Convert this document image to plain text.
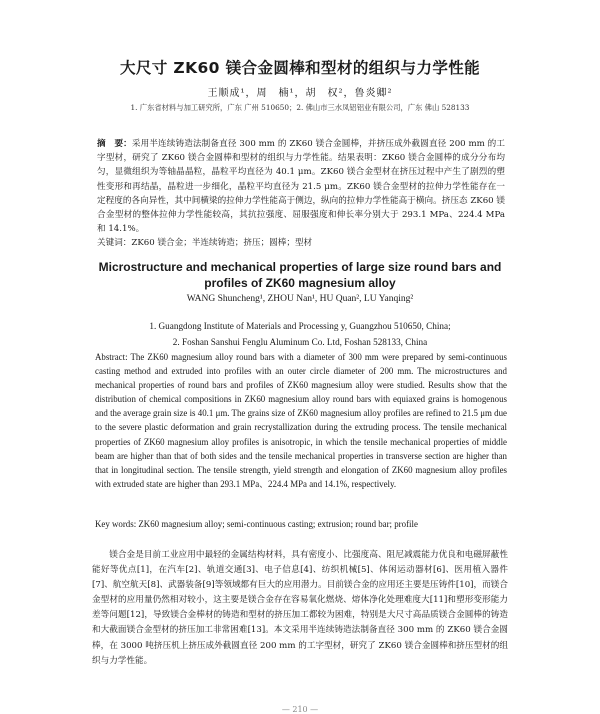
大尺寸 ZK60 镁合金圆棒和型材的组织与力学性能
王顺成¹，周　楠¹，胡　权²，鲁炎卿²
1. 广东省材料与加工研究所，广东 广州 510650；2. 佛山市三水凤铝铝业有限公司，广东 佛山 528133
摘　要：采用半连续铸造法制备直径 300 mm 的 ZK60 镁合金圆棒，并挤压成外截圆直径 200 mm 的工字型材，研究了 ZK60 镁合金圆棒和型材的组织与力学性能。结果表明：ZK60 镁合金圆棒的成分分布均匀，显微组织为等轴晶晶粒，晶粒平均直径为 40.1 μm。ZK60 镁合金型材在挤压过程中产生了剧烈的塑性变形和再结晶，晶粒进一步细化，晶粒平均直径为 21.5 μm。ZK60 镁合金型材的拉伸力学性能存在一定程度的各向异性，其中间横梁的拉伸力学性能高于侧边，纵向的拉伸力学性能高于横向。挤压态 ZK60 镁合金型材的整体拉伸力学性能较高，其抗拉强度、屈服强度和伸长率分别大于 293.1 MPa、224.4 MPa 和 14.1%。
关键词：ZK60 镁合金；半连续铸造；挤压；圆棒；型材
Microstructure and mechanical properties of large size round bars and profiles of ZK60 magnesium alloy
WANG Shuncheng¹, ZHOU Nan¹, HU Quan², LU Yanqing²
1. Guangdong Institute of Materials and Processing y, Guangzhou 510650, China;
2. Foshan Sanshui Fenglu Aluminum Co. Ltd, Foshan 528133, China
Abstract: The ZK60 magnesium alloy round bars with a diameter of 300 mm were prepared by semi-continuous casting method and extruded into profiles with an outer circle diameter of 200 mm. The microstructures and mechanical properties of round bars and profiles of ZK60 magnesium alloy were studied. Results show that the distribution of chemical compositions in ZK60 magnesium alloy round bars with equiaxed grains is homogenous and the average grain size is 40.1 μm. The grains size of ZK60 magnesium alloy profiles are refined to 21.5 μm due to the severe plastic deformation and grain recrystallization during the extruding process. The tensile mechanical properties of ZK60 magnesium alloy profiles is anisotropic, in which the tensile mechanical properties of middle beam are higher than that of both sides and the tensile mechanical properties in transverse section are higher than that in longitudinal section. The tensile strength, yield strength and elongation of ZK60 magnesium alloy profiles with extruded state are higher than 293.1 MPa、224.4 MPa and 14.1%, respectively.
Key words: ZK60 magnesium alloy; semi-continuous casting; extrusion; round bar; profile
镁合金是目前工业应用中最轻的金属结构材料，具有密度小、比强度高、阻尼减震能力优良和电磁屏蔽性能好等优点[1]，在汽车[2]、轨道交通[3]、电子信息[4]、纺织机械[5]、体闲运动器材[6]、医用植入器件[7]、航空航天[8]、武器装备[9]等领域都有巨大的应用潜力。目前镁合金的应用还主要是压铸件[10]，而镁合金型材的应用量仍然相对较小，这主要是镁合金存在容易氧化燃烧、熔体净化处理难度大[11]和塑形变形能力差等问题[12]，导致镁合金棒材的铸造和型材的挤压加工都较为困难，特别是大尺寸高品质镁合金圆棒的铸造和大截面镁合金型材的挤压加工非常困难[13]。本文采用半连续铸造法制备直径 300 mm 的 ZK60 镁合金圆棒，在 3000 吨挤压机上挤压成外截圆直径 200 mm 的工字型材，研究了 ZK60 镁合金圆棒和挤压型材的组织与力学性能。
— 210 —
